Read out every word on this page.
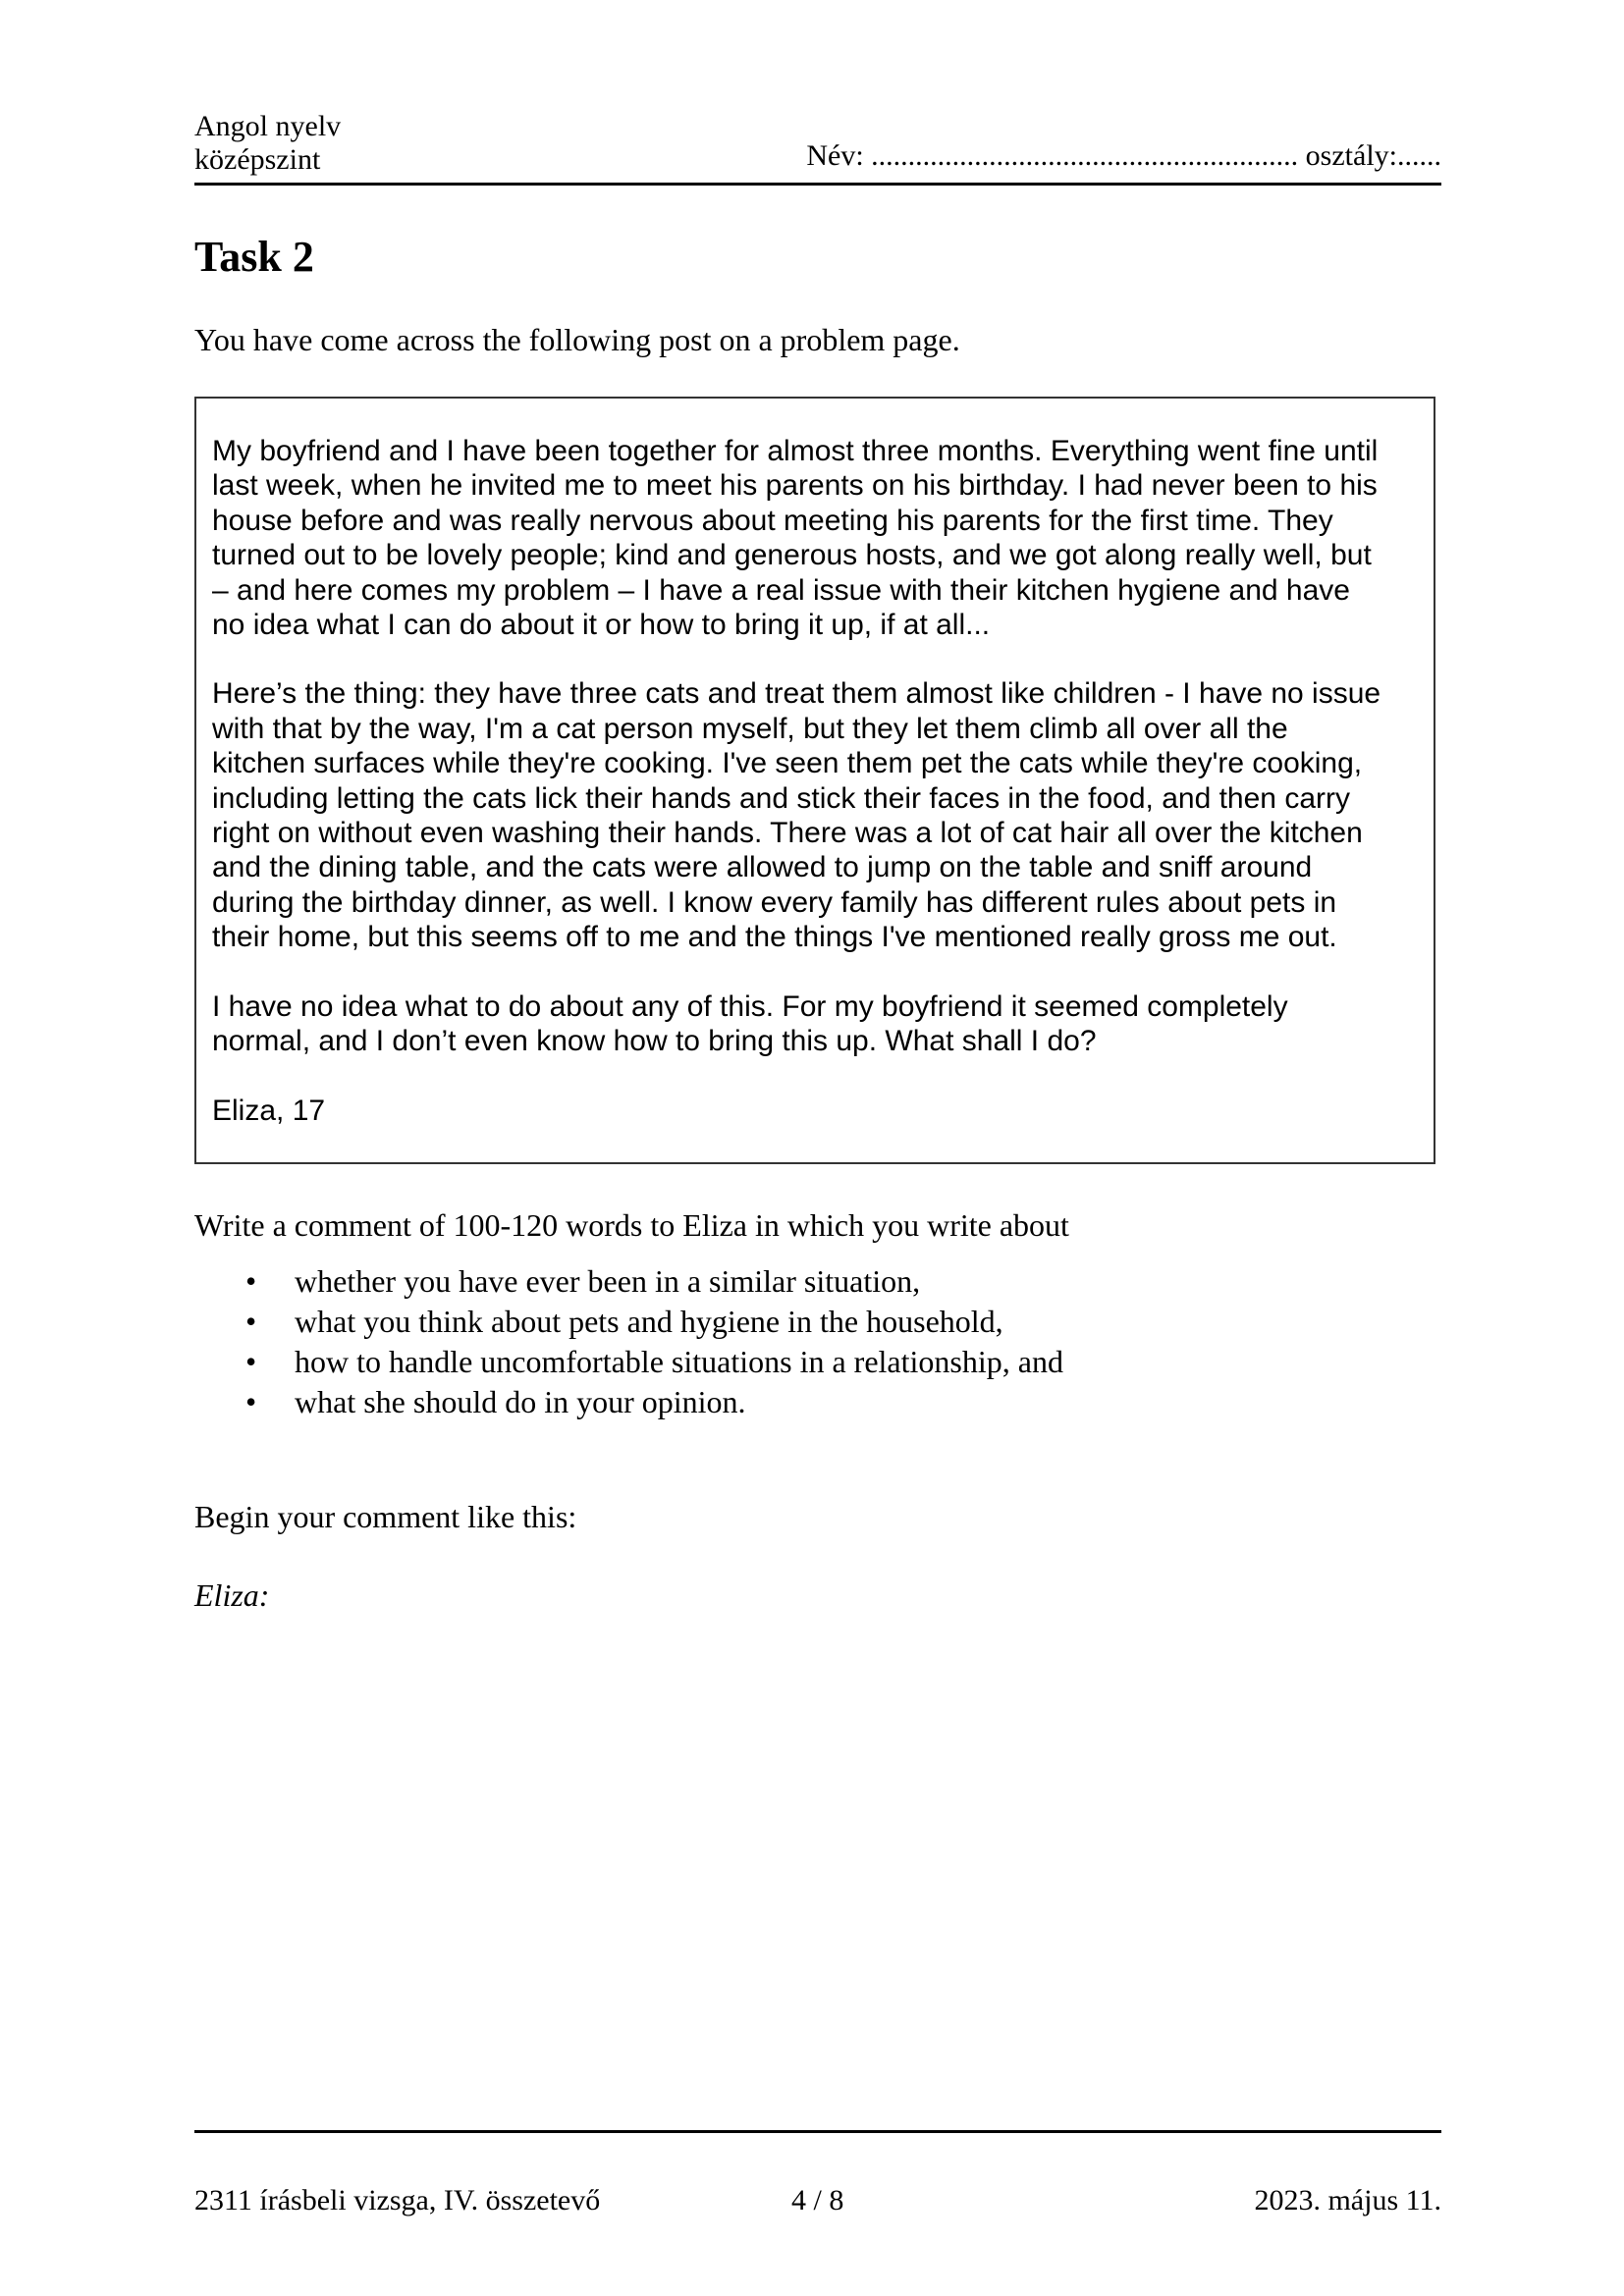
Angol nyelv
középszint	Név: .......................................................... osztály:......
Task 2

You have come across the following post on a problem page.

My boyfriend and I have been together for almost three months. Everything went fine until
last week, when he invited me to meet his parents on his birthday. I had never been to his
house before and was really nervous about meeting his parents for the first time. They
turned out to be lovely people; kind and generous hosts, and we got along really well, but
– and here comes my problem – I have a real issue with their kitchen hygiene and have
no idea what I can do about it or how to bring it up, if at all...

Here’s the thing: they have three cats and treat them almost like children - I have no issue
with that by the way, I'm a cat person myself, but they let them climb all over all the
kitchen surfaces while they're cooking. I've seen them pet the cats while they're cooking,
including letting the cats lick their hands and stick their faces in the food, and then carry
right on without even washing their hands. There was a lot of cat hair all over the kitchen
and the dining table, and the cats were allowed to jump on the table and sniff around
during the birthday dinner, as well. I know every family has different rules about pets in
their home, but this seems off to me and the things I've mentioned really gross me out.

I have no idea what to do about any of this. For my boyfriend it seemed completely
normal, and I don’t even know how to bring this up. What shall I do?

Eliza, 17

Write a comment of 100-120 words to Eliza in which you write about

• whether you have ever been in a similar situation,
• what you think about pets and hygiene in the household,
• how to handle uncomfortable situations in a relationship, and
• what she should do in your opinion.

Begin your comment like this:

Eliza:

2311 írásbeli vizsga, IV. összetevő	4 / 8	2023. május 11.
